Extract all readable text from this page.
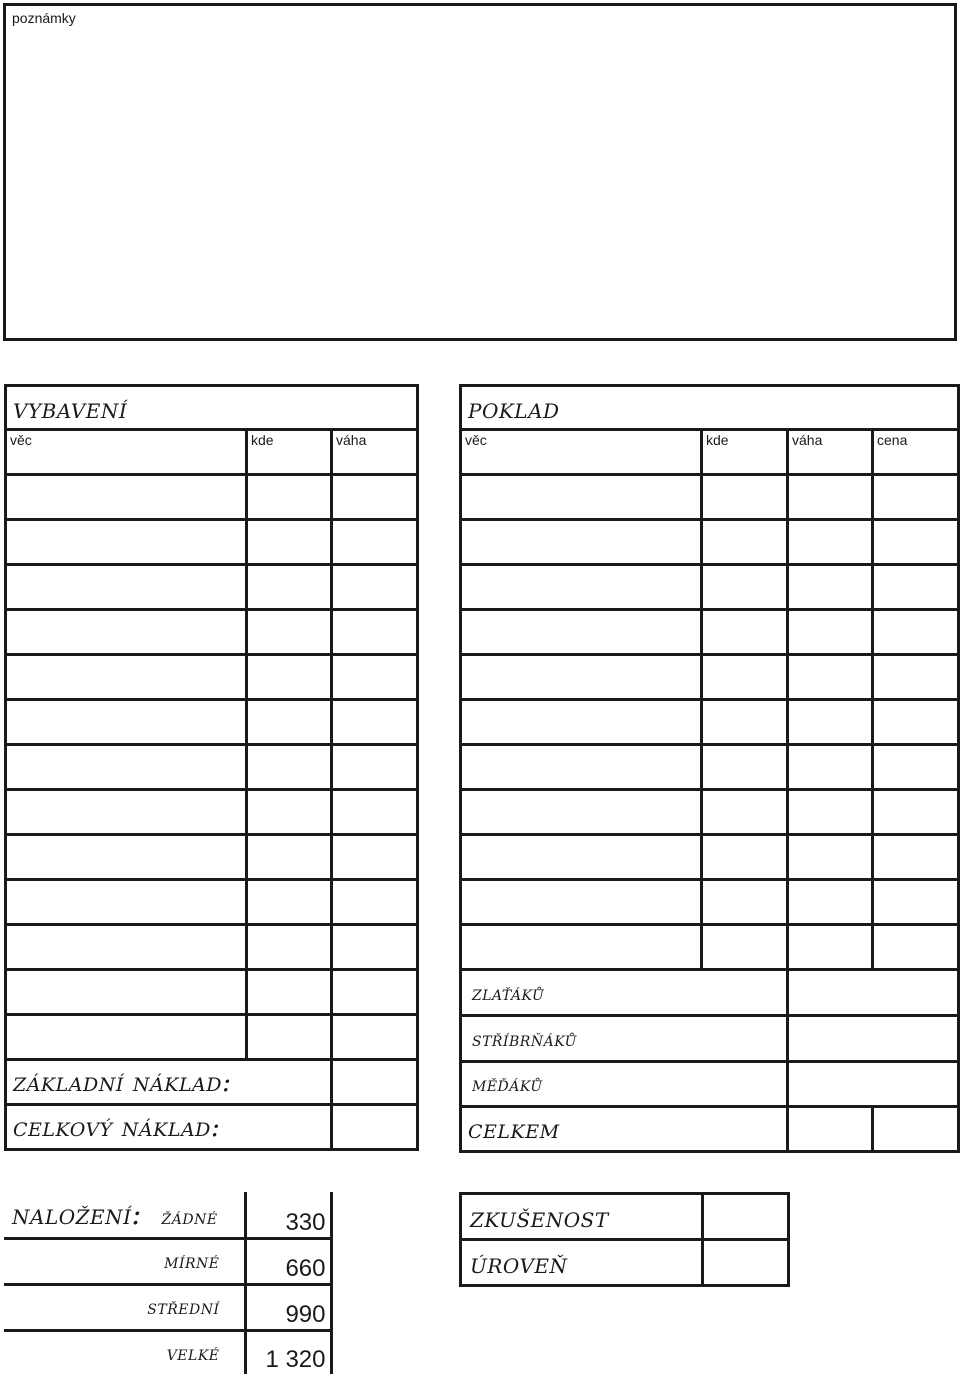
poznámky
vybavení		
věc	kde	váha

základní náklad:		
celkový náklad:		
poklad			
věc	kde	váha	cena

zlaťáků			
stříbrňáků			
měďáků			
celkem			
naložení: žádné	330
mírné	660
střední	990
velké	1 320
zkušenost	
úroveň	
